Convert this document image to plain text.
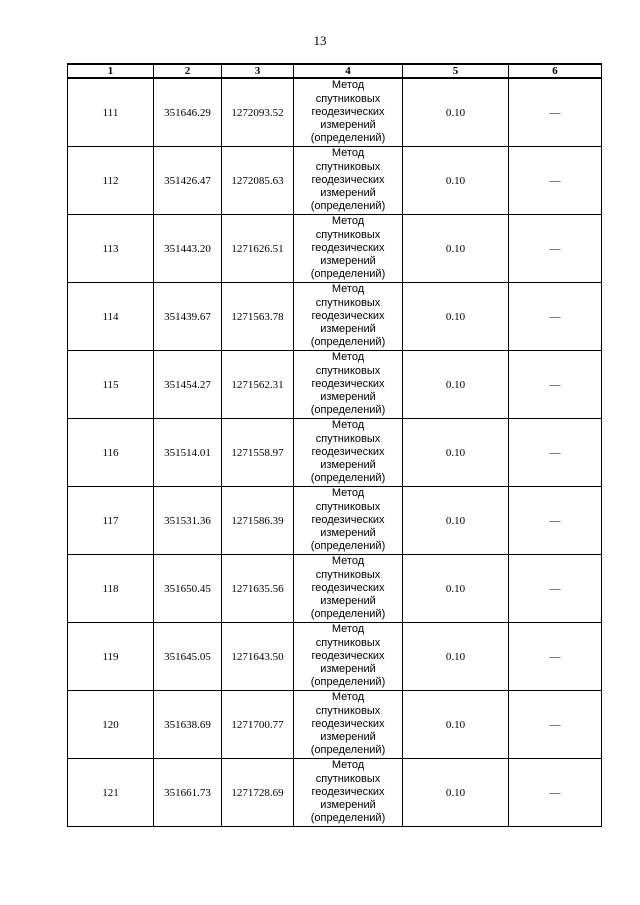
13
1	2	3	4	5	6
111	351646.29	1272093.52	Метод
спутниковых
геодезических
измерений
(определений)	0.10	—
112	351426.47	1272085.63	Метод
спутниковых
геодезических
измерений
(определений)	0.10	—
113	351443.20	1271626.51	Метод
спутниковых
геодезических
измерений
(определений)	0.10	—
114	351439.67	1271563.78	Метод
спутниковых
геодезических
измерений
(определений)	0.10	—
115	351454.27	1271562.31	Метод
спутниковых
геодезических
измерений
(определений)	0.10	—
116	351514.01	1271558.97	Метод
спутниковых
геодезических
измерений
(определений)	0.10	—
117	351531.36	1271586.39	Метод
спутниковых
геодезических
измерений
(определений)	0.10	—
118	351650.45	1271635.56	Метод
спутниковых
геодезических
измерений
(определений)	0.10	—
119	351645.05	1271643.50	Метод
спутниковых
геодезических
измерений
(определений)	0.10	—
120	351638.69	1271700.77	Метод
спутниковых
геодезических
измерений
(определений)	0.10	—
121	351661.73	1271728.69	Метод
спутниковых
геодезических
измерений
(определений)	0.10	—
